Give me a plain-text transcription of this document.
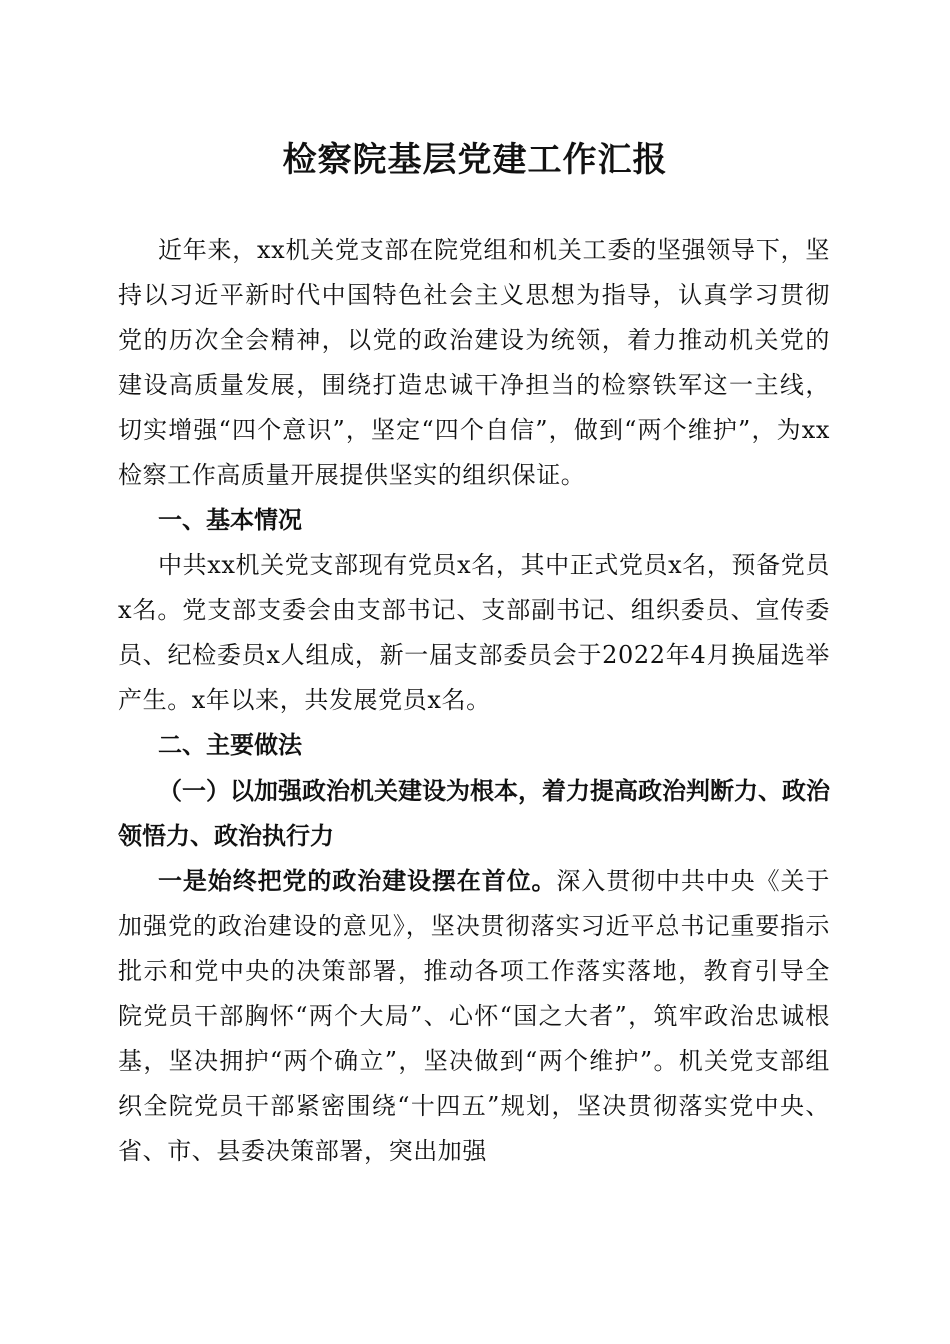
检察院基层党建工作汇报

近年来，xx机关党支部在院党组和机关工委的坚强领导下，坚持以习近平新时代中国特色社会主义思想为指导，认真学习贯彻党的历次全会精神，以党的政治建设为统领，着力推动机关党的建设高质量发展，围绕打造忠诚干净担当的检察铁军这一主线，切实增强“四个意识”，坚定“四个自信”，做到“两个维护”，为xx检察工作高质量开展提供坚实的组织保证。

一、基本情况

中共xx机关党支部现有党员x名，其中正式党员x名，预备党员x名。党支部支委会由支部书记、支部副书记、组织委员、宣传委员、纪检委员x人组成，新一届支部委员会于2022年4月换届选举产生。x年以来，共发展党员x名。

二、主要做法

（一）以加强政治机关建设为根本，着力提高政治判断力、政治领悟力、政治执行力

一是始终把党的政治建设摆在首位。深入贯彻中共中央《关于加强党的政治建设的意见》，坚决贯彻落实习近平总书记重要指示批示和党中央的决策部署，推动各项工作落实落地，教育引导全院党员干部胸怀“两个大局”、心怀“国之大者”，筑牢政治忠诚根基，坚决拥护“两个确立”，坚决做到“两个维护”。机关党支部组织全院党员干部紧密围绕“十四五”规划，坚决贯彻落实党中央、省、市、县委决策部署，突出加强
